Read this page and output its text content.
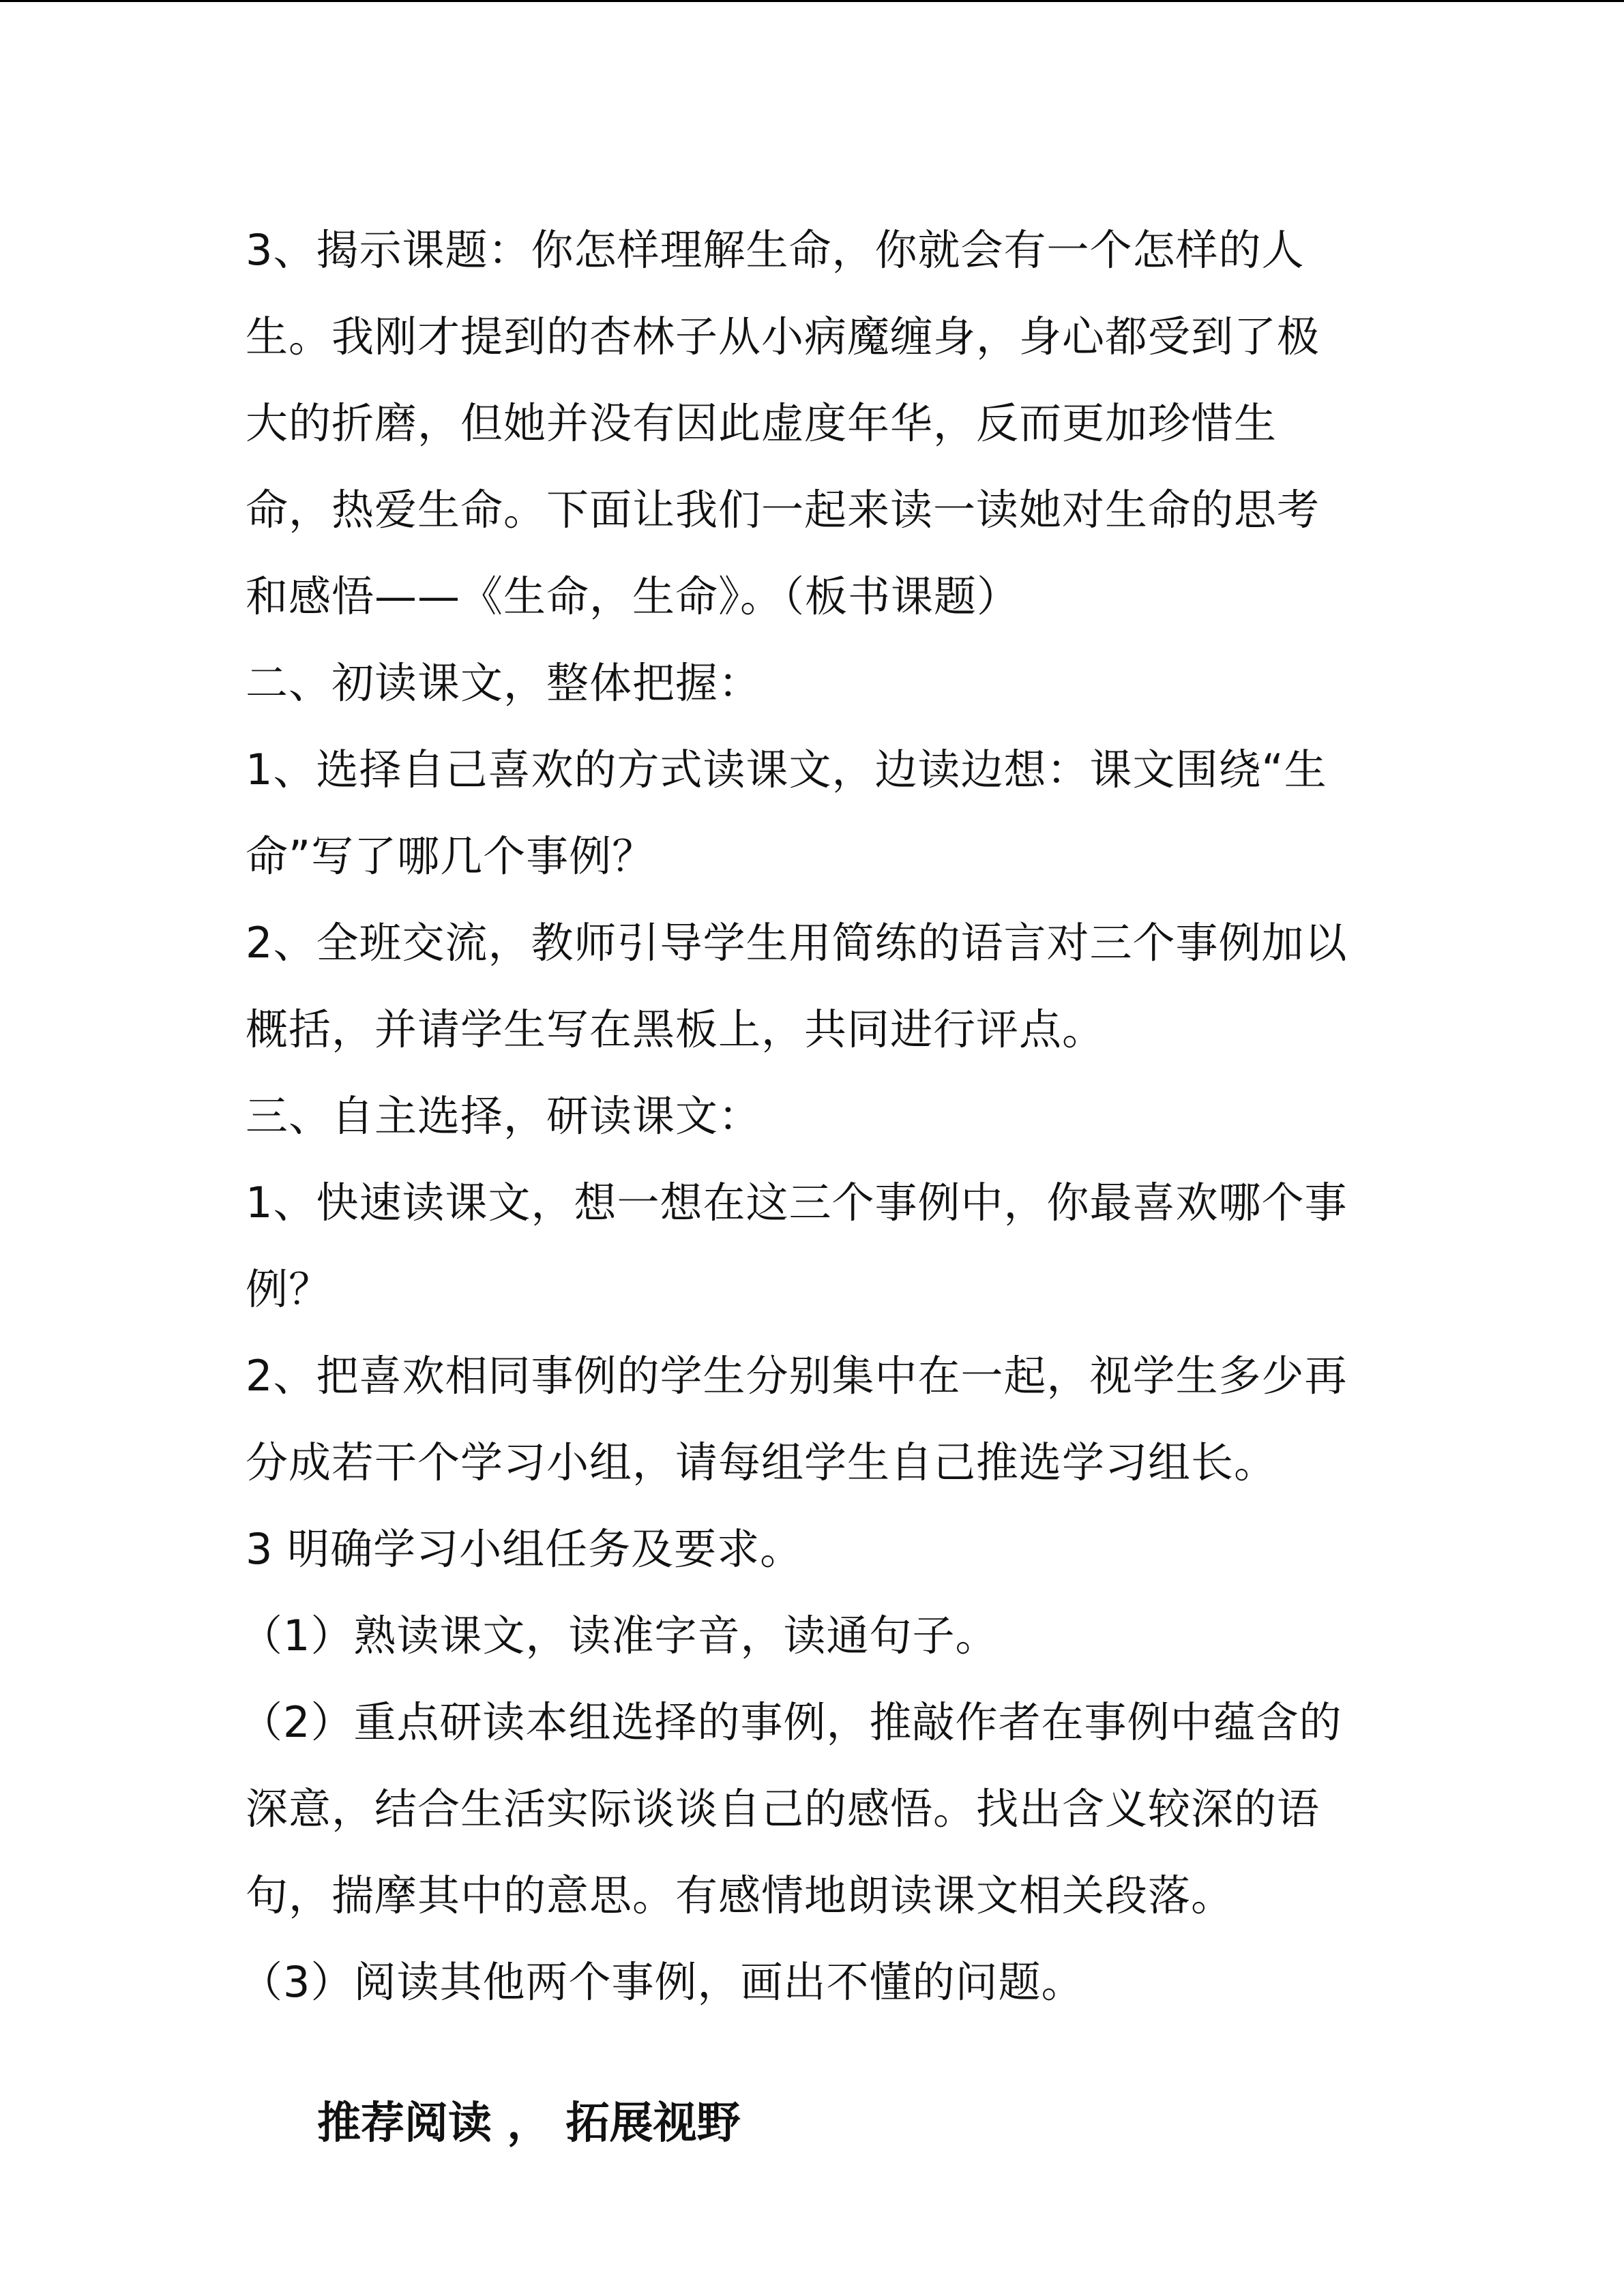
3、揭示课题：你怎样理解生命，你就会有一个怎样的人
生。我刚才提到的杏林子从小病魔缠身，身心都受到了极
大的折磨，但她并没有因此虚度年华，反而更加珍惜生
命，热爱生命。下面让我们一起来读一读她对生命的思考
和感悟——《生命，生命》。（板书课题）
二、初读课文，整体把握：
1、选择自己喜欢的方式读课文，边读边想：课文围绕“生
命”写了哪几个事例？
2、全班交流，教师引导学生用简练的语言对三个事例加以
概括，并请学生写在黑板上，共同进行评点。
三、自主选择，研读课文：
1、快速读课文，想一想在这三个事例中，你最喜欢哪个事
例？
2、把喜欢相同事例的学生分别集中在一起，视学生多少再
分成若干个学习小组，请每组学生自己推选学习组长。
3 明确学习小组任务及要求。
（1）熟读课文，读准字音，读通句子。
（2）重点研读本组选择的事例，推敲作者在事例中蕴含的
深意，结合生活实际谈谈自己的感悟。找出含义较深的语
句，揣摩其中的意思。有感情地朗读课文相关段落。
（3）阅读其他两个事例，画出不懂的问题。
推荐阅读 ， 拓展视野
